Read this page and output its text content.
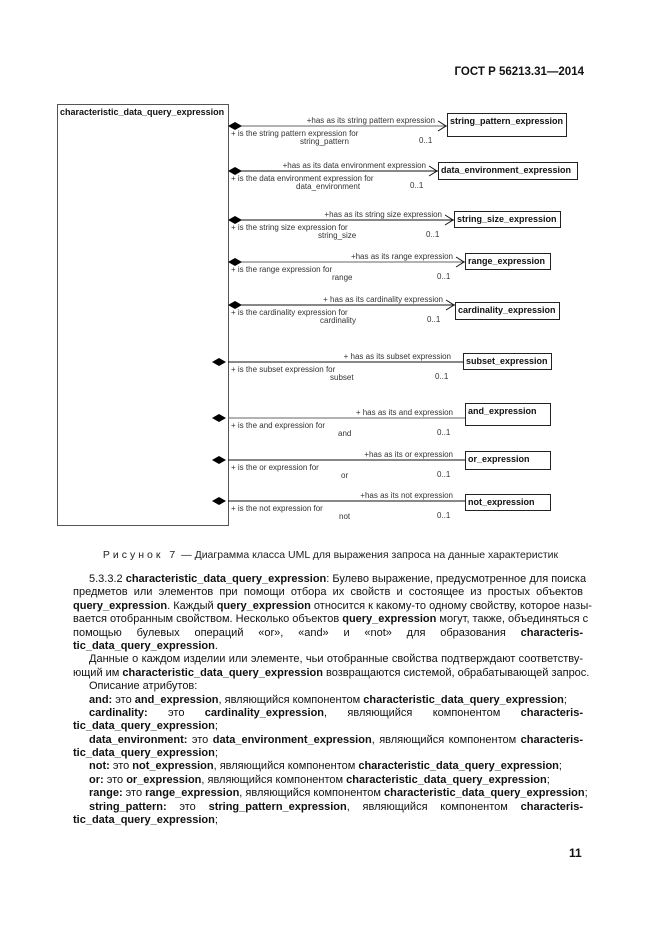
ГОСТ Р 56213.31—2014
characteristic_data_query_expression
string_pattern_expression
+has as its string pattern expression
+ is the string pattern expression for
string_pattern	0..1
data_environment_expression
+has as its data environment expression
+ is the data environment expression for
data_environment	0..1
string_size_expression
+has as its string size expression
+ is the string size expression for
string_size	0..1
range_expression
+has as its range expression
+ is the range expression for
range	0..1
cardinality_expression
+ has as its cardinality expression
+ is the cardinality expression for
cardinality	0..1
subset_expression
+ has as its subset expression
+ is the subset expression for
subset	0..1
and_expression
+ has as its and expression
+ is the and expression for
and	0..1
or_expression
+has as its or expression
+ is the or expression for
or	0..1
not_expression
+has as its not expression
+ is the not expression for
not	0..1
Рисунок 7 — Диаграмма класса UML для выражения запроса на данные характеристик
5.3.3.2 characteristic_data_query_expression: Булево выражение, предусмотренное для поиска
предметов или элементов при помощи отбора их свойств и состоящее из простых объектов
query_expression. Каждый query_expression относится к какому-то одному свойству, которое назы-
вается отобранным свойством. Несколько объектов query_expression могут, также, объединяться с
помощью булевых операций «or», «and» и «not» для образования characteris-
tic_data_query_expression.
Данные о каждом изделии или элементе, чьи отобранные свойства подтверждают соответству-
ющий им characteristic_data_query_expression возвращаются системой, обрабатывающей запрос.
Описание атрибутов:
and: это and_expression, являющийся компонентом characteristic_data_query_expression;
cardinality: это cardinality_expression, являющийся компонентом characteris-
tic_data_query_expression;
data_environment: это data_environment_expression, являющийся компонентом characteris-
tic_data_query_expression;
not: это not_expression, являющийся компонентом characteristic_data_query_expression;
or: это or_expression, являющийся компонентом characteristic_data_query_expression;
range: это range_expression, являющийся компонентом characteristic_data_query_expression;
string_pattern: это string_pattern_expression, являющийся компонентом characteris-
tic_data_query_expression;
11
